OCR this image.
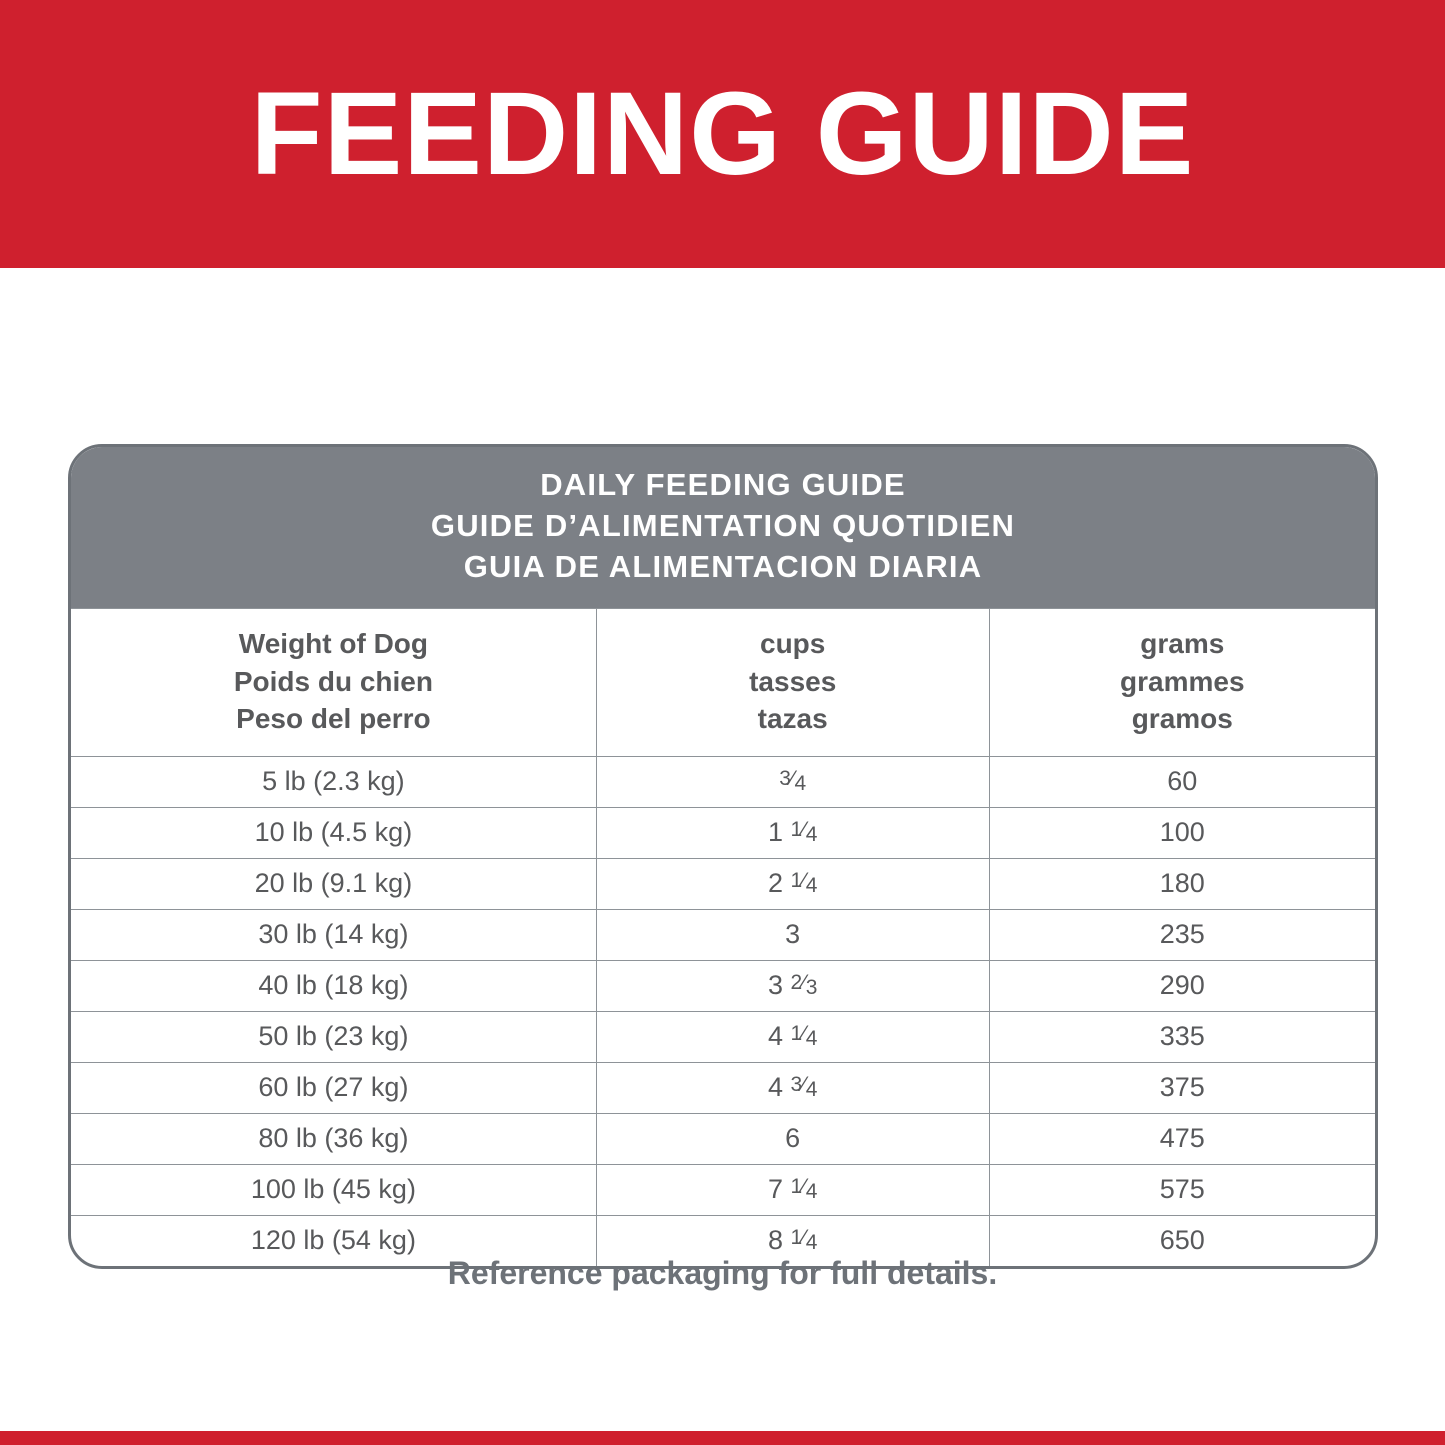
FEEDING GUIDE
DAILY FEEDING GUIDE
GUIDE D’ALIMENTATION QUOTIDIEN
GUIA DE ALIMENTACION DIARIA
Weight of Dog
Poids du chien
Peso del perro

cups
tasses
tazas

grams
grammes
gramos

5 lb (2.3 kg)	3⁄4	60
10 lb (4.5 kg)	1 1⁄4	100
20 lb (9.1 kg)	2 1⁄4	180
30 lb (14 kg)	3	235
40 lb (18 kg)	3 2⁄3	290
50 lb (23 kg)	4 1⁄4	335
60 lb (27 kg)	4 3⁄4	375
80 lb (36 kg)	6	475
100 lb (45 kg)	7 1⁄4	575
120 lb (54 kg)	8 1⁄4	650
Reference packaging for full details.
